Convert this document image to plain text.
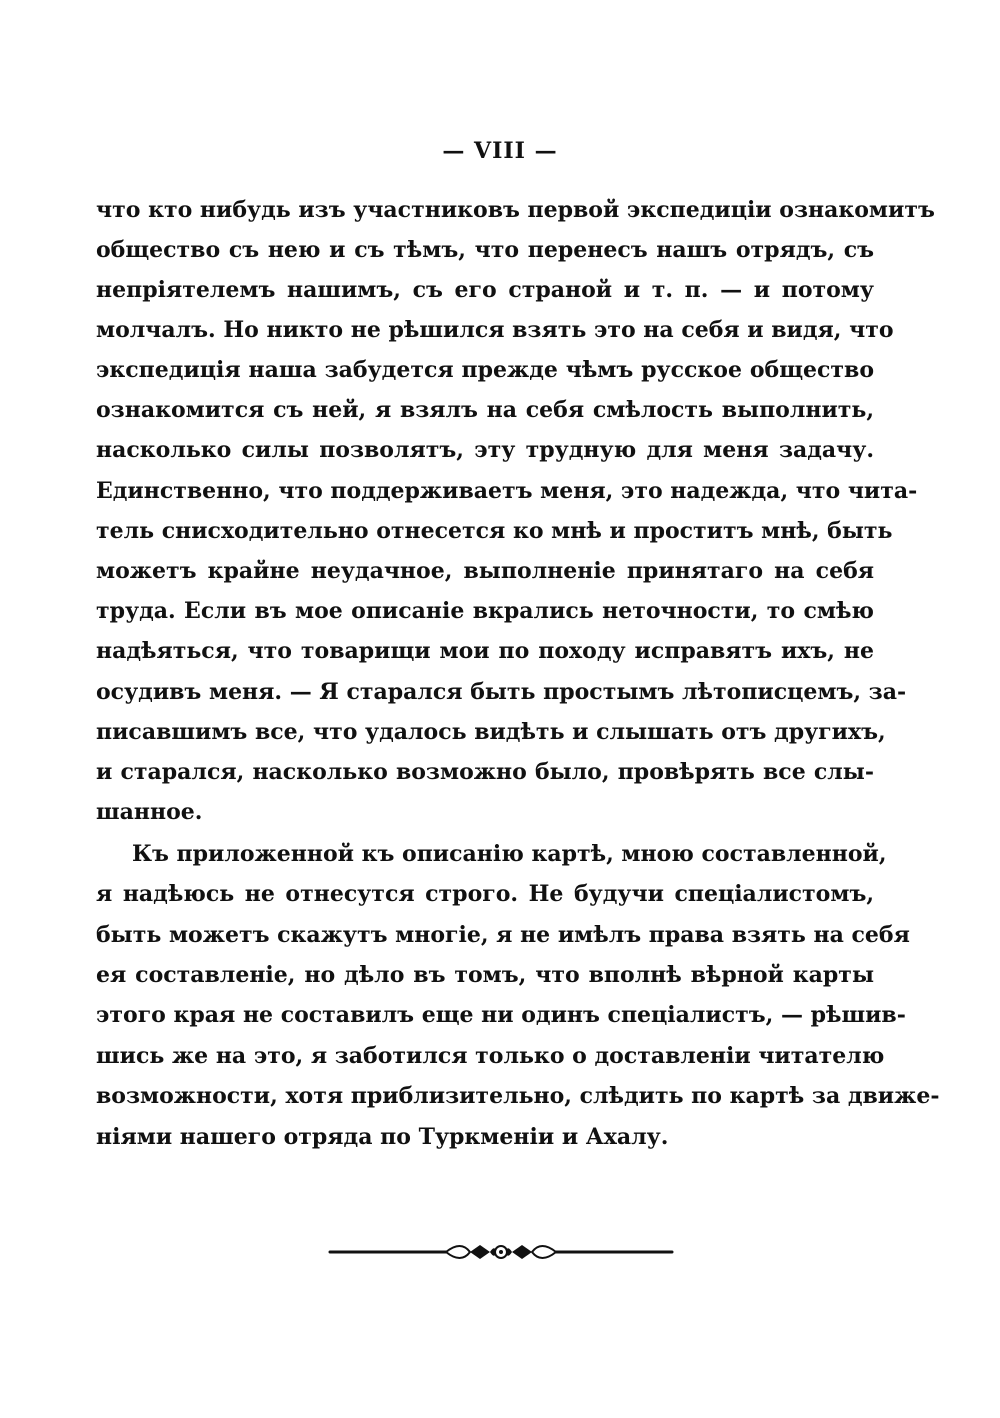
— VIII —
что кто нибудь изъ участниковъ первой экспедиціи ознакомитъ
общество съ нею и съ тѣмъ, что перенесъ нашъ отрядъ, съ
непріятелемъ нашимъ, съ его страной и т. п. — и потому
молчалъ. Но никто не рѣшился взять это на себя и видя, что
экспедиція наша забудется прежде чѣмъ русское общество
ознакомится съ ней, я взялъ на себя смѣлость выполнить,
насколько силы позволятъ, эту трудную для меня задачу.
Единственно, что поддерживаетъ меня, это надежда, что чита-
тель снисходительно отнесется ко мнѣ и проститъ мнѣ, быть
можетъ крайне неудачное, выполненіе принятаго на себя
труда. Если въ мое описаніе вкрались неточности, то смѣю
надѣяться, что товарищи мои по походу исправятъ ихъ, не
осудивъ меня. — Я старался быть простымъ лѣтописцемъ, за-
писавшимъ все, что удалось видѣть и слышать отъ другихъ,
и старался, насколько возможно было, провѣрять все слы-
шанное.
Къ приложенной къ описанію картѣ, мною составленной,
я надѣюсь не отнесутся строго. Не будучи спеціалистомъ,
быть можетъ скажутъ многіе, я не имѣлъ права взять на себя
ея составленіе, но дѣло въ томъ, что вполнѣ вѣрной карты
этого края не составилъ еще ни одинъ спеціалистъ, — рѣшив-
шись же на это, я заботился только о доставленіи читателю
возможности, хотя приблизительно, слѣдить по картѣ за движе-
ніями нашего отряда по Туркменіи и Ахалу.
